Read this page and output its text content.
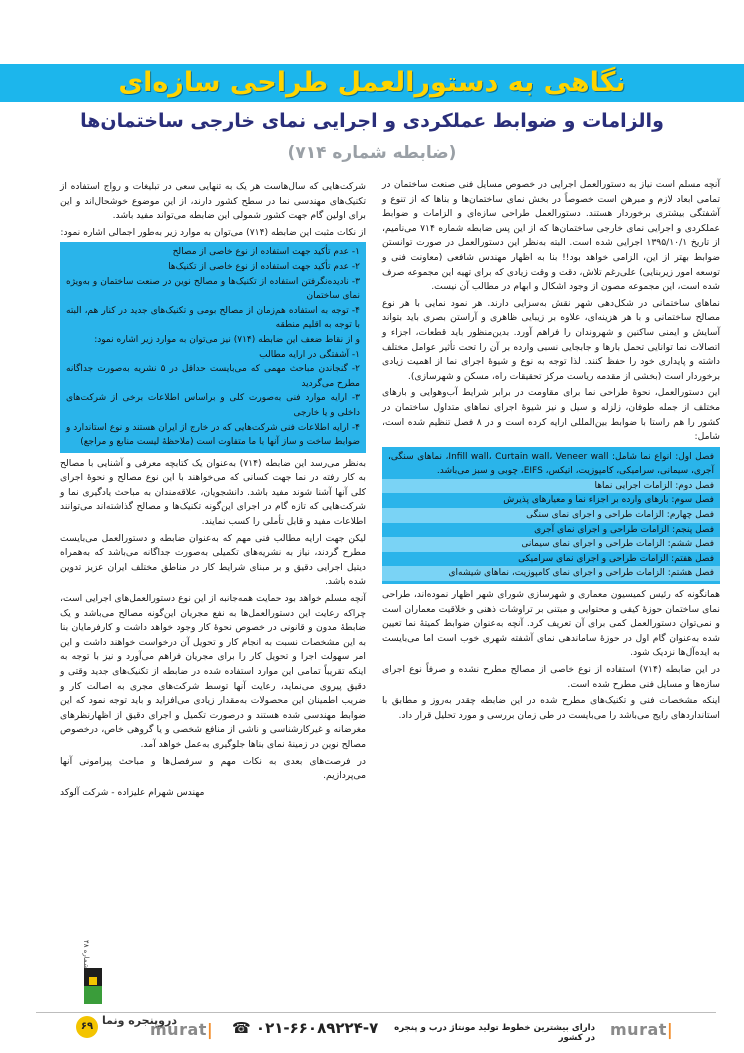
نگاهی به دستورالعمل طراحی سازه‌ای
والزامات و ضوابط عملکردی و اجرایی نمای خارجی ساختمان‌ها
(ضابطه شماره ۷۱۴)

آنچه مسلم است نیاز به دستورالعمل اجرایی در خصوص مسایل فنی صنعت ساختمان در تمامی ابعاد لازم و مبرهن است خصوصاً در بخش نمای ساختمان‌ها و بناها که از تنوع و آشفتگی بیشتری برخوردار هستند. دستورالعمل طراحی سازه‌ای و الزامات و ضوابط عملکردی و اجرایی نمای خارجی ساختمان‌ها که از این پس ضابطه شماره ۷۱۴ می‌نامیم، از تاریخ ۱۳۹۵/۱۰/۱ اجرایی شده است. البته به‌نظر این دستورالعمل در صورت توانستن ضوابط بهتر از این، الزامی خواهد بود!! بنا به اظهار مهندس شافعی (معاونت فنی و توسعه امور زیربنایی) علی‌رغم تلاش، دقت و وقت زیادی که برای تهیه این مجموعه صرف شده است، این مجموعه مصون از وجود اشکال و ابهام در مطالب آن نیست.

نماهای ساختمانی در شکل‌دهی شهر نقش به‌سزایی دارند. هر نمود نمایی با هر نوع مصالح ساختمانی و با هر هزینه‌ای، علاوه بر زیبایی ظاهری و آراستن بصری باید بتواند آسایش و ایمنی ساکنین و شهروندان را فراهم آورد. بدین‌منظور باید قطعات، اجزاء و اتصالات نما توانایی تحمل بارها و جابجایی نسبی وارده بر آن را تحت تأثیر عوامل مختلف داشته و پایداری خود را حفظ کنند. لذا توجه به نوع و شیوهٔ اجرای نما از اهمیت زیادی برخوردار است (بخشی از مقدمه ریاست مرکز تحقیقات راه، مسکن و شهرسازی).

این دستورالعمل، نحوهٔ طراحی نما برای مقاومت در برابر شرایط آب‌وهوایی و بارهای مختلف از جمله طوفان، زلزله و سیل و نیز شیوهٔ اجرای نماهای متداول ساختمان در کشور را هم راستا با ضوابط بین‌المللی ارایه کرده است و در ۸ فصل تنظیم شده است، شامل:

فصل اول: انواع نما شامل: Infill wall، Curtain wall، Veneer wall، نماهای سنگی، آجری، سیمانی، سرامیکی، کامپوزیت، اتیکس، EIFS، چوبی و سبز می‌باشد.
فصل دوم: الزامات اجرایی نماها
فصل سوم: بارهای وارده بر اجزاء نما و معیارهای پذیرش
فصل چهارم: الزامات طراحی و اجرای نمای سنگی
فصل پنجم: الزامات طراحی و اجرای نمای آجری
فصل ششم: الزامات طراحی و اجرای نمای سیمانی
فصل هفتم: الزامات طراحی و اجرای نمای سرامیکی
فصل هشتم: الزامات طراحی و اجرای نمای کامپوزیت، نماهای شیشه‌ای

همانگونه که رئیس کمیسیون معماری و شهرسازی شورای شهر اظهار نموده‌اند، طراحی نمای ساختمان حوزهٔ کیفی و محتوایی و مبتنی بر تراوشات ذهنی و خلاقیت معماران است و نمی‌توان دستورالعمل کمی برای آن تعریف کرد. آنچه به‌عنوان ضوابط کمیتهٔ نما تعیین شده به‌عنوان گام اول در حوزهٔ ساماندهی نمای آشفته شهری خوب است اما می‌بایست به ایده‌آل‌ها نزدیک شود.

در این ضابطه (۷۱۴) استفاده از نوع خاصی از مصالح مطرح نشده و صرفاً نوع اجرای سازه‌ها و مسایل فنی مطرح شده است.

اینکه مشخصات فنی و تکنیک‌های مطرح شده در این ضابطه چقدر به‌روز و مطابق با استانداردهای رایج می‌باشد را می‌بایست در طی زمان بررسی و مورد تحلیل قرار داد.

شرکت‌هایی که سال‌هاست هر یک به تنهایی سعی در تبلیغات و رواج استفاده از تکنیک‌های مهندسی نما در سطح کشور دارند، از این موضوع خوشحال‌اند و این برای اولین گام جهت کشور شمولی این ضابطه می‌تواند مفید باشد.

از نکات مثبت این ضابطه (۷۱۴) می‌توان به موارد زیر به‌طور اجمالی اشاره نمود:

۱- عدم تأکید جهت استفاده از نوع خاصی از مصالح
۲- عدم تأکید جهت استفاده از نوع خاصی از تکنیک‌ها
۳- نادیده‌نگرفتن استفاده از تکنیک‌ها و مصالح نوین در صنعت ساختمان و به‌ویژه نمای ساختمان
۴- توجه به استفاده هم‌زمان از مصالح بومی و تکنیک‌های جدید در کنار هم، البته با توجه به اقلیم منطقه
و از نقاط ضعف این ضابطه (۷۱۴) نیز می‌توان به موارد زیر اشاره نمود:
۱- آشفتگی در ارایه مطالب
۲- گنجاندن مباحث مهمی که می‌بایست حداقل در ۵ نشریه به‌صورت جداگانه مطرح می‌گردید
۳- ارایه موارد فنی به‌صورت کلی و براساس اطلاعات برخی از شرکت‌های داخلی و یا خارجی
۴- ارایه اطلاعات فنی شرکت‌هایی که در خارج از ایران هستند و نوع استاندارد و ضوابط ساخت و ساز آنها با ما متفاوت است (ملاحظهٔ لیست منابع و مراجع)

به‌نظر می‌رسد این ضابطه (۷۱۴) به‌عنوان یک کتابچه معرفی و آشنایی با مصالح به کار رفته در نما جهت کسانی که می‌خواهند با این نوع مصالح و نحوهٔ اجرای کلی آنها آشنا شوند مفید باشد. دانشجویان، علاقه‌مندان به مباحث یادگیری نما و شرکت‌هایی که تازه گام در اجرای این‌گونه تکنیک‌ها و مصالح گذاشته‌اند می‌توانند اطلاعات مفید و قابل تأملی را کسب نمایند.

لیکن جهت ارایه مطالب فنی مهم که به‌عنوان ضابطه و دستورالعمل می‌بایست مطرح گردند، نیاز به نشریه‌های تکمیلی به‌صورت جداگانه می‌باشد که به‌همراه دیتیل اجرایی دقیق و بر مبنای شرایط کار در مناطق مختلف ایران عزیز تدوین شده باشد.

آنچه مسلم خواهد بود حمایت همه‌جانبه از این نوع دستورالعمل‌های اجرایی است، چراکه رعایت این دستورالعمل‌ها به نفع مجریان این‌گونه مصالح می‌باشد و یک ضابطهٔ مدون و قانونی در خصوص نحوهٔ کار وجود خواهد داشت و کارفرمایان بنا به این مشخصات نسبت به انجام کار و تحویل آن درخواست خواهند داشت و این امر سهولت اجرا و تحویل کار را برای مجریان فراهم می‌آورد و نیز با توجه به اینکه تقریباً تمامی این موارد استفاده شده در ضابطه از تکنیک‌های جدید وقتی و دقیق پیروی می‌نماید، رعایت آنها توسط شرکت‌های مجری به اصالت کار و ضریب اطمینان این محصولات به‌مقدار زیادی می‌افزاید و باید توجه نمود که این ضوابط مهندسی شده هستند و درصورت تکمیل و اجرای دقیق از اظهارنظرهای مغرضانه و غیرکارشناسی و ناشی از منافع شخصی و یا گروهی خاص، درخصوص مصالح نوین در زمینهٔ نمای بناها جلوگیری به‌عمل خواهد آمد.

در فرصت‌های بعدی به نکات مهم و سرفصل‌ها و مباحث پیرامونی آنها می‌پردازیم.

مهندس شهرام علیزاده - شرکت آلوکد

murat|
دارای بیشترین خطوط تولید مونتاژ درب و پنجره در کشور
☎ ۰۲۱-۶۶۰۸۹۲۲۴-۷
murat|
شماره ۴۸
دروپنجره ونما
۶۹
